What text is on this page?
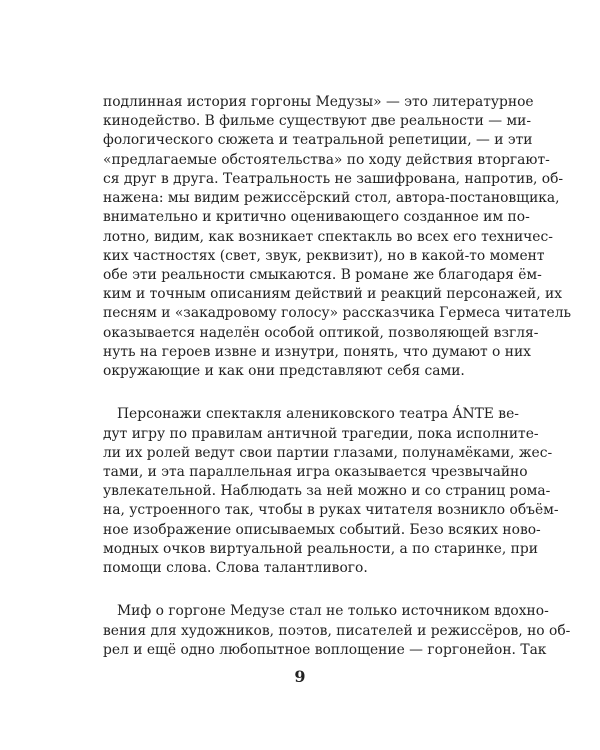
подлинная история горгоны Медузы» — это литературное
кинодейство. В фильме существуют две реальности — ми-
фологического сюжета и театральной репетиции, — и эти
«предлагаемые обстоятельства» по ходу действия вторгают-
ся друг в друга. Театральность не зашифрована, напротив, об-
нажена: мы видим режиссёрский стол, автора-постановщика,
внимательно и критично оценивающего созданное им по-
лотно, видим, как возникает спектакль во всех его техничес-
ких частностях (свет, звук, реквизит), но в какой-то момент
обе эти реальности смыкаются. В романе же благодаря ём-
ким и точным описаниям действий и реакций персонажей, их
песням и «закадровому голосу» рассказчика Гермеса читатель
оказывается наделён особой оптикой, позволяющей взгля-
нуть на героев извне и изнутри, понять, что думают о них
окружающие и как они представляют себя сами.
Персонажи спектакля алениковского театра ÁNTE ве-
дут игру по правилам античной трагедии, пока исполните-
ли их ролей ведут свои партии глазами, полунамёками, жес-
тами, и эта параллельная игра оказывается чрезвычайно
увлекательной. Наблюдать за ней можно и со страниц рома-
на, устроенного так, чтобы в руках читателя возникло объём-
ное изображение описываемых событий. Безо всяких ново-
модных очков виртуальной реальности, а по старинке, при
помощи слова. Слова талантливого.
Миф о горгоне Медузе стал не только источником вдохно-
вения для художников, поэтов, писателей и режиссёров, но об-
рел и ещё одно любопытное воплощение — горгонейон. Так
9
